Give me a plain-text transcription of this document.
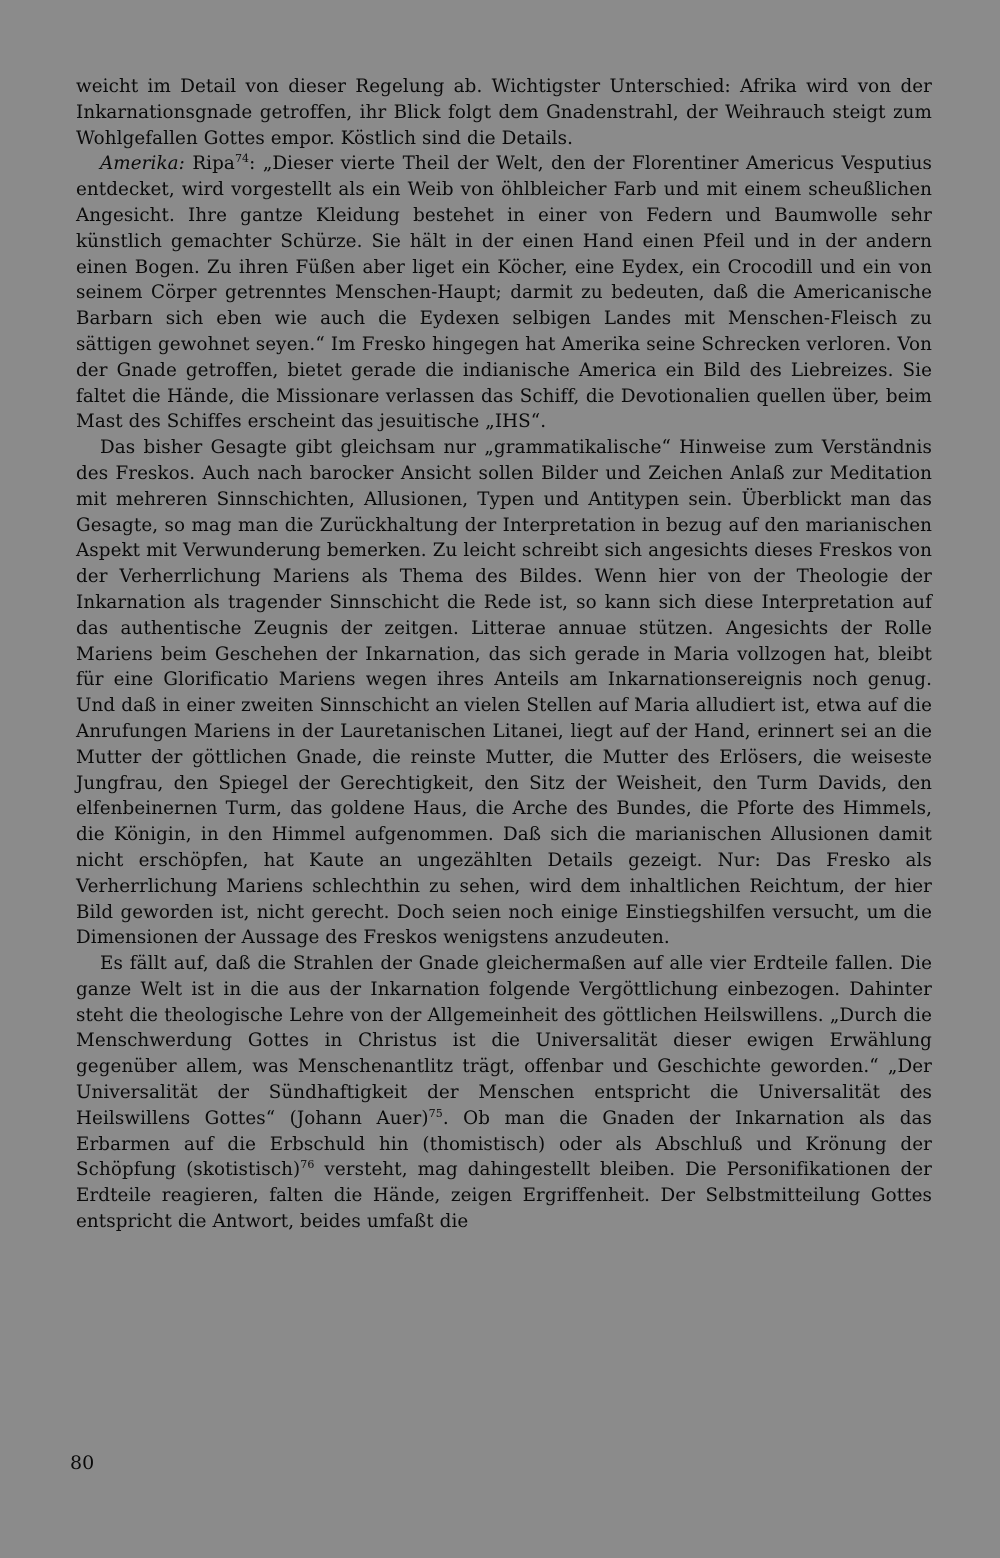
weicht im Detail von dieser Regelung ab. Wichtigster Unterschied: Afrika wird von der Inkarnationsgnade getroffen, ihr Blick folgt dem Gnadenstrahl, der Weihrauch steigt zum Wohlgefallen Gottes empor. Köstlich sind die Details.

Amerika: Ripa$^{74}$: „Dieser vierte Theil der Welt, den der Florentiner Americus Vesputius entdecket, wird vorgestellt als ein Weib von öhlbleicher Farb und mit einem scheußlichen Angesicht. Ihre gantze Kleidung bestehet in einer von Federn und Baumwolle sehr künstlich gemachter Schürze. Sie hält in der einen Hand einen Pfeil und in der andern einen Bogen. Zu ihren Füßen aber liget ein Köcher, eine Eydex, ein Crocodill und ein von seinem Cörper getrenntes Menschen-Haupt; darmit zu bedeuten, daß die Americanische Barbarn sich eben wie auch die Eydexen selbigen Landes mit Menschen-Fleisch zu sättigen gewohnet seyen.“ Im Fresko hingegen hat Amerika seine Schrecken verloren. Von der Gnade getroffen, bietet gerade die indianische America ein Bild des Liebreizes. Sie faltet die Hände, die Missionare verlassen das Schiff, die Devotionalien quellen über, beim Mast des Schiffes erscheint das jesuitische „IHS“.

Das bisher Gesagte gibt gleichsam nur „grammatikalische“ Hinweise zum Verständnis des Freskos. Auch nach barocker Ansicht sollen Bilder und Zeichen Anlaß zur Meditation mit mehreren Sinnschichten, Allusionen, Typen und Antitypen sein. Überblickt man das Gesagte, so mag man die Zurückhaltung der Interpretation in bezug auf den marianischen Aspekt mit Verwunderung bemerken. Zu leicht schreibt sich angesichts dieses Freskos von der Verherrlichung Mariens als Thema des Bildes. Wenn hier von der Theologie der Inkarnation als tragender Sinnschicht die Rede ist, so kann sich diese Interpretation auf das authentische Zeugnis der zeitgen. Litterae annuae stützen. Angesichts der Rolle Mariens beim Geschehen der Inkarnation, das sich gerade in Maria vollzogen hat, bleibt für eine Glorificatio Mariens wegen ihres Anteils am Inkarnationsereignis noch genug. Und daß in einer zweiten Sinnschicht an vielen Stellen auf Maria alludiert ist, etwa auf die Anrufungen Mariens in der Lauretanischen Litanei, liegt auf der Hand, erinnert sei an die Mutter der göttlichen Gnade, die reinste Mutter, die Mutter des Erlösers, die weiseste Jungfrau, den Spiegel der Gerechtigkeit, den Sitz der Weisheit, den Turm Davids, den elfenbeinernen Turm, das goldene Haus, die Arche des Bundes, die Pforte des Himmels, die Königin, in den Himmel aufgenommen. Daß sich die marianischen Allusionen damit nicht erschöpfen, hat Kaute an ungezählten Details gezeigt. Nur: Das Fresko als Verherrlichung Mariens schlechthin zu sehen, wird dem inhaltlichen Reichtum, der hier Bild geworden ist, nicht gerecht. Doch seien noch einige Einstiegshilfen versucht, um die Dimensionen der Aussage des Freskos wenigstens anzudeuten.

Es fällt auf, daß die Strahlen der Gnade gleichermaßen auf alle vier Erdteile fallen. Die ganze Welt ist in die aus der Inkarnation folgende Vergöttlichung einbezogen. Dahinter steht die theologische Lehre von der Allgemeinheit des göttlichen Heilswillens. „Durch die Menschwerdung Gottes in Christus ist die Universalität dieser ewigen Erwählung gegenüber allem, was Menschenantlitz trägt, offenbar und Geschichte geworden.“ „Der Universalität der Sündhaftigkeit der Menschen entspricht die Universalität des Heilswillens Gottes“ (Johann Auer)$^{75}$. Ob man die Gnaden der Inkarnation als das Erbarmen auf die Erbschuld hin (thomistisch) oder als Abschluß und Krönung der Schöpfung (skotistisch)$^{76}$ versteht, mag dahingestellt bleiben. Die Personifikationen der Erdteile reagieren, falten die Hände, zeigen Ergriffenheit. Der Selbstmitteilung Gottes entspricht die Antwort, beides umfaßt die

80
